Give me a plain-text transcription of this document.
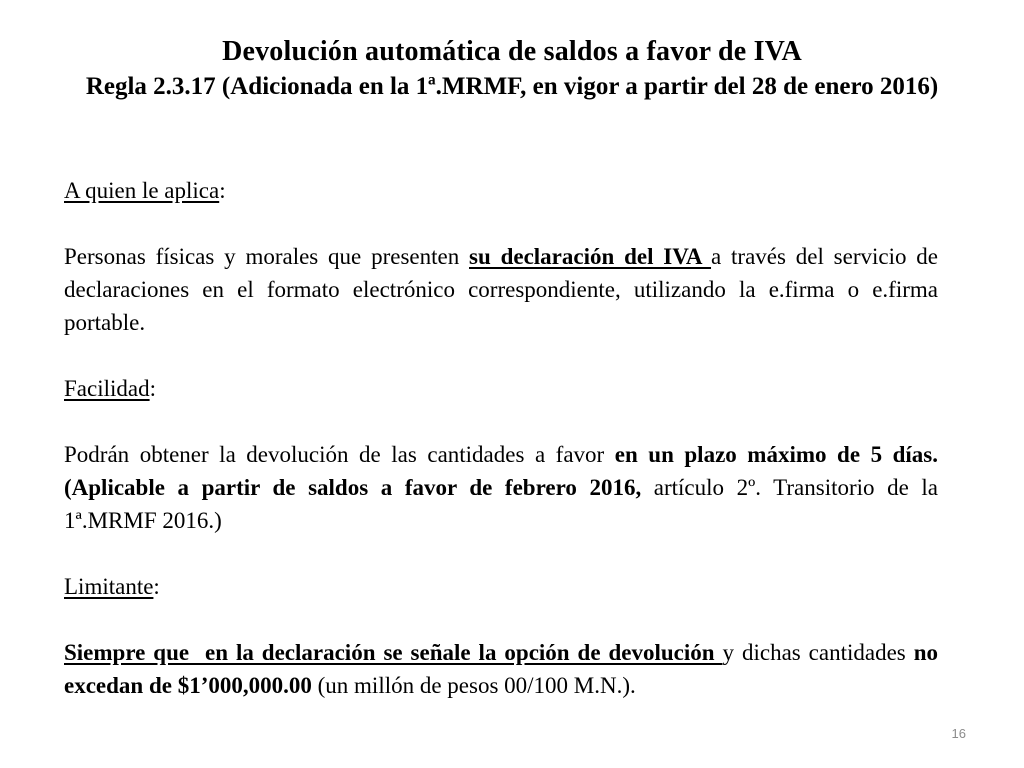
Devolución automática de saldos a favor de IVA
Regla 2.3.17 (Adicionada en la 1ª.MRMF, en vigor a partir del 28 de enero 2016)

A quien le aplica:

Personas físicas y morales que presenten su declaración del IVA a través del servicio de declaraciones en el formato electrónico correspondiente, utilizando la e.firma o e.firma portable.

Facilidad:

Podrán obtener la devolución de las cantidades a favor en un plazo máximo de 5 días. (Aplicable a partir de saldos a favor de febrero 2016, artículo 2º. Transitorio de la 1ª.MRMF 2016.)

Limitante:

Siempre que  en la declaración se señale la opción de devolución y dichas cantidades no excedan de $1’000,000.00 (un millón de pesos 00/100 M.N.).

16
